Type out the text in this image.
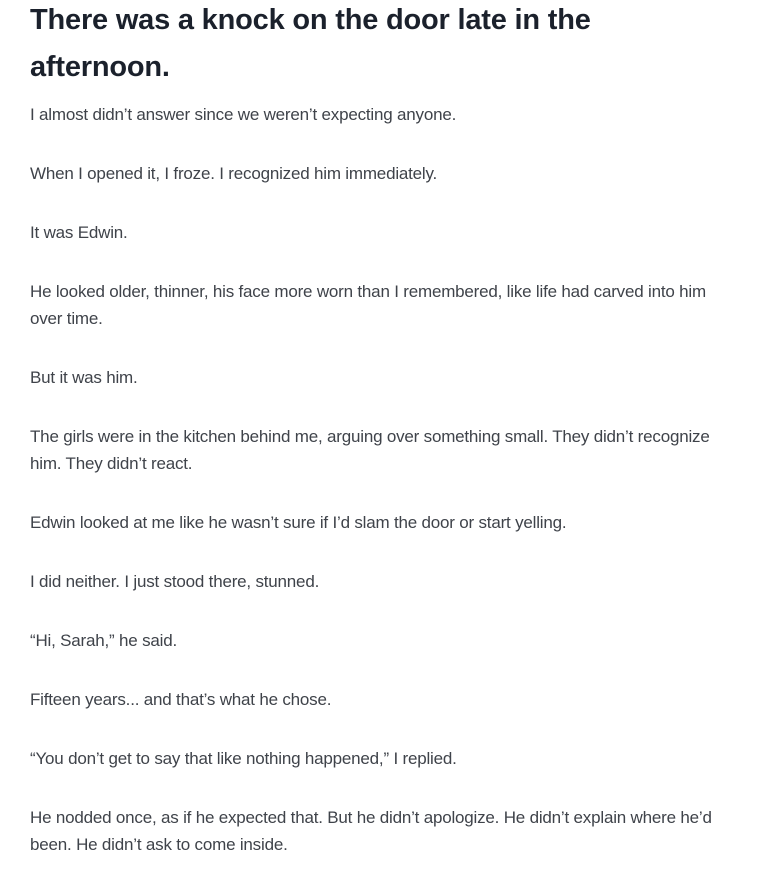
There was a knock on the door late in the afternoon.

I almost didn’t answer since we weren’t expecting anyone.

When I opened it, I froze. I recognized him immediately.

It was Edwin.

He looked older, thinner, his face more worn than I remembered, like life had carved into him over time.

But it was him.

The girls were in the kitchen behind me, arguing over something small. They didn’t recognize him. They didn’t react.

Edwin looked at me like he wasn’t sure if I’d slam the door or start yelling.

I did neither. I just stood there, stunned.

“Hi, Sarah,” he said.

Fifteen years... and that’s what he chose.

“You don’t get to say that like nothing happened,” I replied.

He nodded once, as if he expected that. But he didn’t apologize. He didn’t explain where he’d been. He didn’t ask to come inside.
